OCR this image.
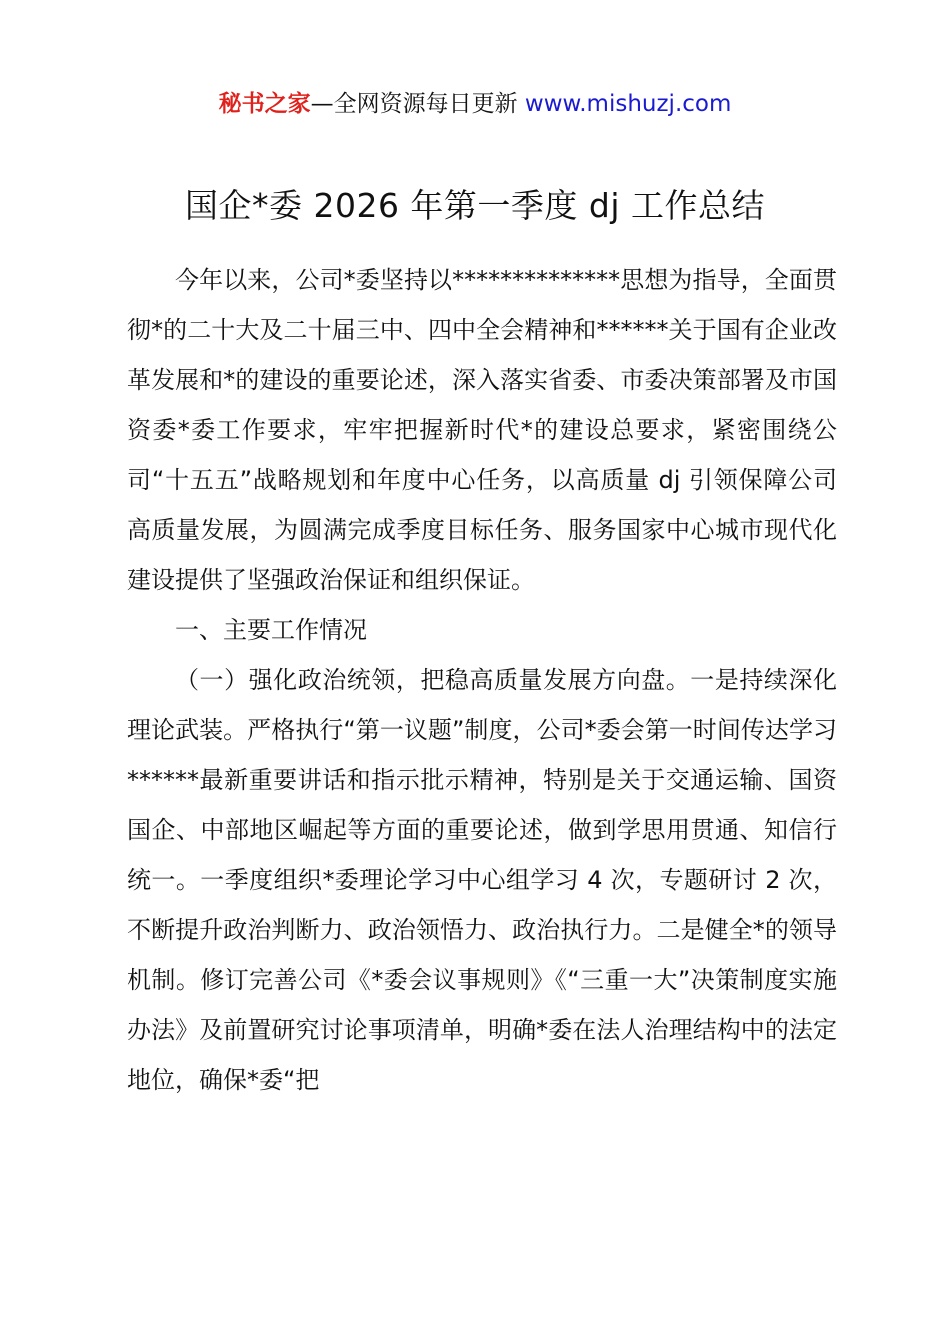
秘书之家—全网资源每日更新 www.mishuzj.com
国企*委 2026 年第一季度 dj 工作总结

今年以来，公司*委坚持以**************思想为指导，全面贯彻*的二十大及二十届三中、四中全会精神和******关于国有企业改革发展和*的建设的重要论述，深入落实省委、市委决策部署及市国资委*委工作要求，牢牢把握新时代*的建设总要求，紧密围绕公司“十五五”战略规划和年度中心任务，以高质量 dj 引领保障公司高质量发展，为圆满完成季度目标任务、服务国家中心城市现代化建设提供了坚强政治保证和组织保证。

一、主要工作情况

（一）强化政治统领，把稳高质量发展方向盘。一是持续深化理论武装。严格执行“第一议题”制度，公司*委会第一时间传达学习******最新重要讲话和指示批示精神，特别是关于交通运输、国资国企、中部地区崛起等方面的重要论述，做到学思用贯通、知信行统一。一季度组织*委理论学习中心组学习 4 次，专题研讨 2 次，不断提升政治判断力、政治领悟力、政治执行力。二是健全*的领导机制。修订完善公司《*委会议事规则》《“三重一大”决策制度实施办法》及前置研究讨论事项清单，明确*委在法人治理结构中的法定地位，确保*委“把
